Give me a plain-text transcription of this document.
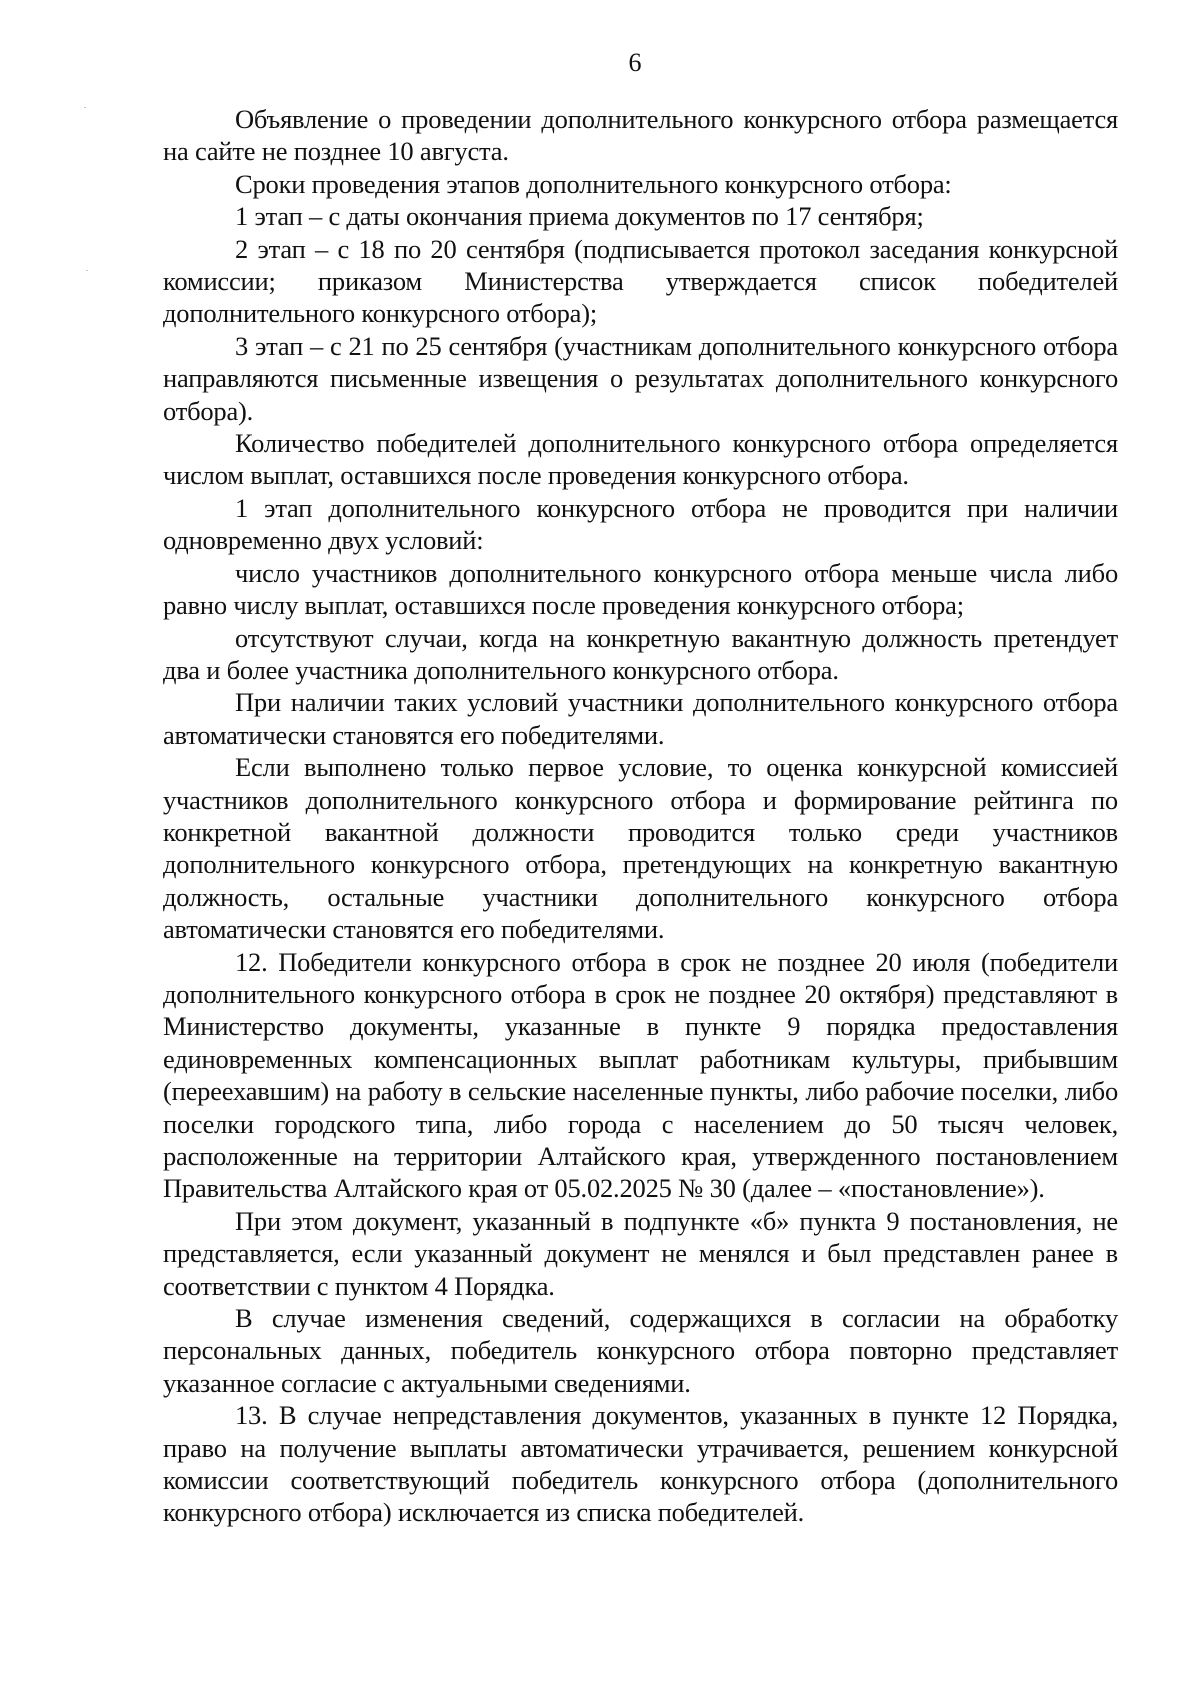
6

Объявление о проведении дополнительного конкурсного отбора размещается на сайте не позднее 10 августа.

Сроки проведения этапов дополнительного конкурсного отбора:

1 этап – с даты окончания приема документов по 17 сентября;

2 этап – с 18 по 20 сентября (подписывается протокол заседания конкурсной комиссии; приказом Министерства утверждается список победителей дополнительного конкурсного отбора);

3 этап – с 21 по 25 сентября (участникам дополнительного конкурсного отбора направляются письменные извещения о результатах дополнительного конкурсного отбора).

Количество победителей дополнительного конкурсного отбора определяется числом выплат, оставшихся после проведения конкурсного отбора.

1 этап дополнительного конкурсного отбора не проводится при наличии одновременно двух условий:

число участников дополнительного конкурсного отбора меньше числа либо равно числу выплат, оставшихся после проведения конкурсного отбора;

отсутствуют случаи, когда на конкретную вакантную должность претендует два и более участника дополнительного конкурсного отбора.

При наличии таких условий участники дополнительного конкурсного отбора автоматически становятся его победителями.

Если выполнено только первое условие, то оценка конкурсной комиссией участников дополнительного конкурсного отбора и формирование рейтинга по конкретной вакантной должности проводится только среди участников дополнительного конкурсного отбора, претендующих на конкретную вакантную должность, остальные участники дополнительного конкурсного отбора автоматически становятся его победителями.

12. Победители конкурсного отбора в срок не позднее 20 июля (победители дополнительного конкурсного отбора в срок не позднее 20 октября) представляют в Министерство документы, указанные в пункте 9 порядка предоставления единовременных компенсационных выплат работникам культуры, прибывшим (переехавшим) на работу в сельские населенные пункты, либо рабочие поселки, либо поселки городского типа, либо города с населением до 50 тысяч человек, расположенные на территории Алтайского края, утвержденного постановлением Правительства Алтайского края от 05.02.2025 № 30 (далее – «постановление»).

При этом документ, указанный в подпункте «б» пункта 9 постановления, не представляется, если указанный документ не менялся и был представлен ранее в соответствии с пунктом 4 Порядка.

В случае изменения сведений, содержащихся в согласии на обработку персональных данных, победитель конкурсного отбора повторно представляет указанное согласие с актуальными сведениями.

13. В случае непредставления документов, указанных в пункте 12 Порядка, право на получение выплаты автоматически утрачивается, решением конкурсной комиссии соответствующий победитель конкурсного отбора (дополнительного конкурсного отбора) исключается из списка победителей.
